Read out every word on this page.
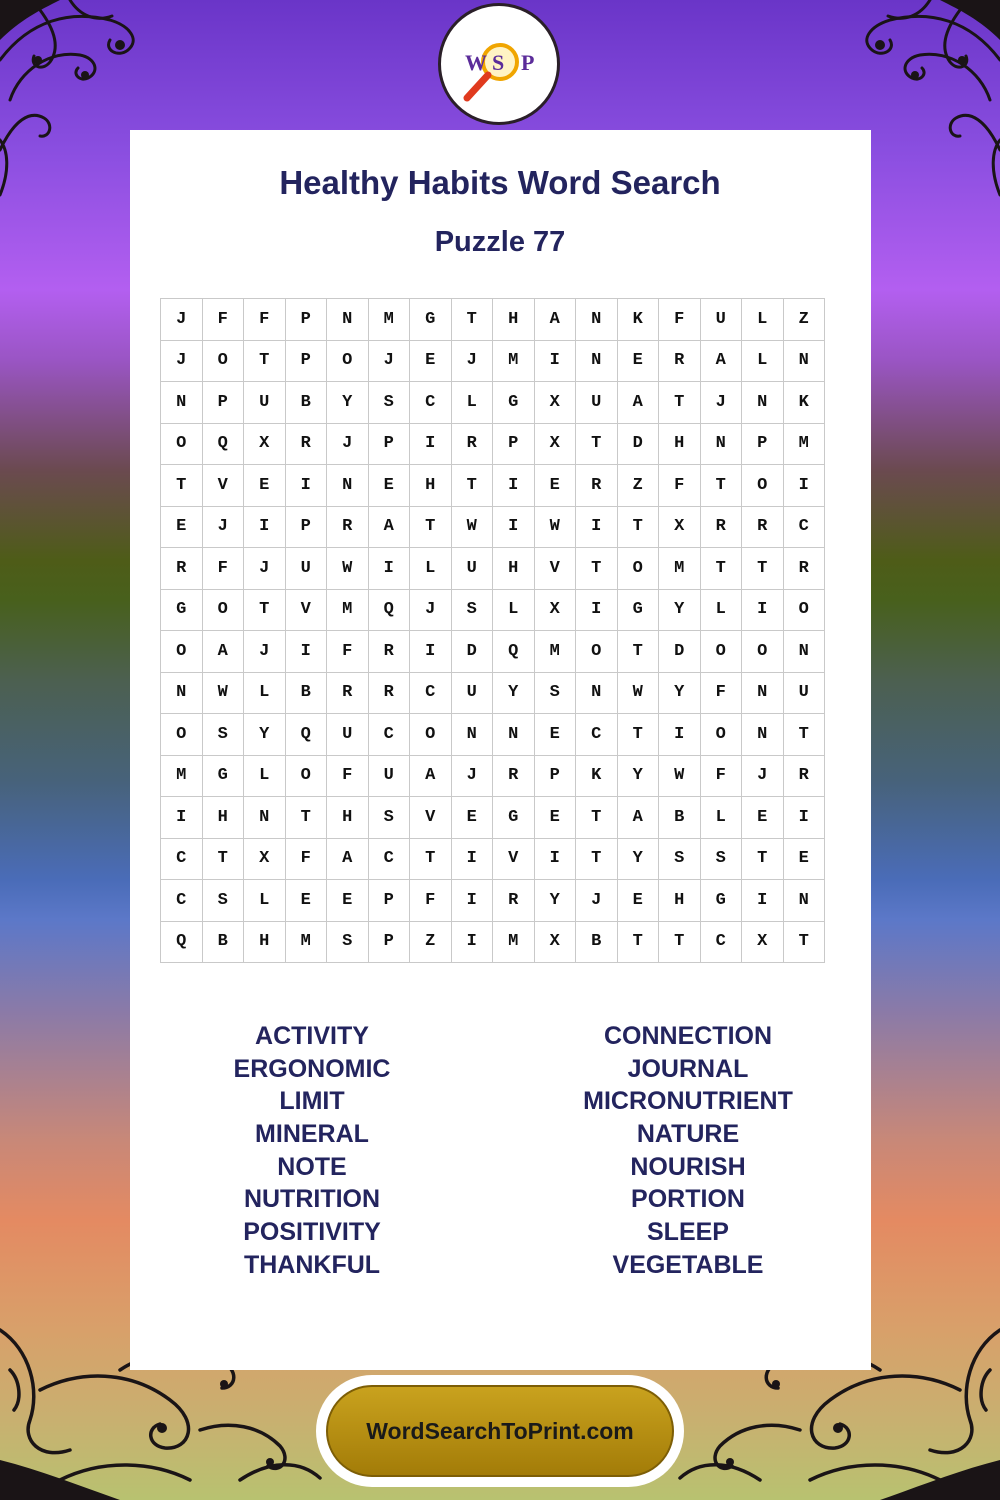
W S P
Healthy Habits Word Search
Puzzle 77
J	F	F	P	N	M	G	T	H	A	N	K	F	U	L	Z
J	O	T	P	O	J	E	J	M	I	N	E	R	A	L	N
N	P	U	B	Y	S	C	L	G	X	U	A	T	J	N	K
O	Q	X	R	J	P	I	R	P	X	T	D	H	N	P	M
T	V	E	I	N	E	H	T	I	E	R	Z	F	T	O	I
E	J	I	P	R	A	T	W	I	W	I	T	X	R	R	C
R	F	J	U	W	I	L	U	H	V	T	O	M	T	T	R
G	O	T	V	M	Q	J	S	L	X	I	G	Y	L	I	O
O	A	J	I	F	R	I	D	Q	M	O	T	D	O	O	N
N	W	L	B	R	R	C	U	Y	S	N	W	Y	F	N	U
O	S	Y	Q	U	C	O	N	N	E	C	T	I	O	N	T
M	G	L	O	F	U	A	J	R	P	K	Y	W	F	J	R
I	H	N	T	H	S	V	E	G	E	T	A	B	L	E	I
C	T	X	F	A	C	T	I	V	I	T	Y	S	S	T	E
C	S	L	E	E	P	F	I	R	Y	J	E	H	G	I	N
Q	B	H	M	S	P	Z	I	M	X	B	T	T	C	X	T
ACTIVITY
ERGONOMIC
LIMIT
MINERAL
NOTE
NUTRITION
POSITIVITY
THANKFUL
CONNECTION
JOURNAL
MICRONUTRIENT
NATURE
NOURISH
PORTION
SLEEP
VEGETABLE
WordSearchToPrint.com
